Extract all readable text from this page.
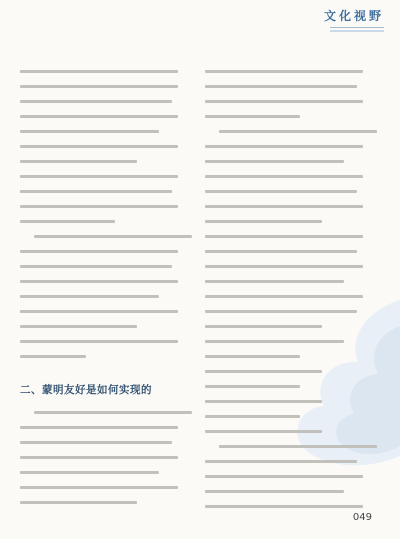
文化视野
二、蒙明友好是如何实现的
049
